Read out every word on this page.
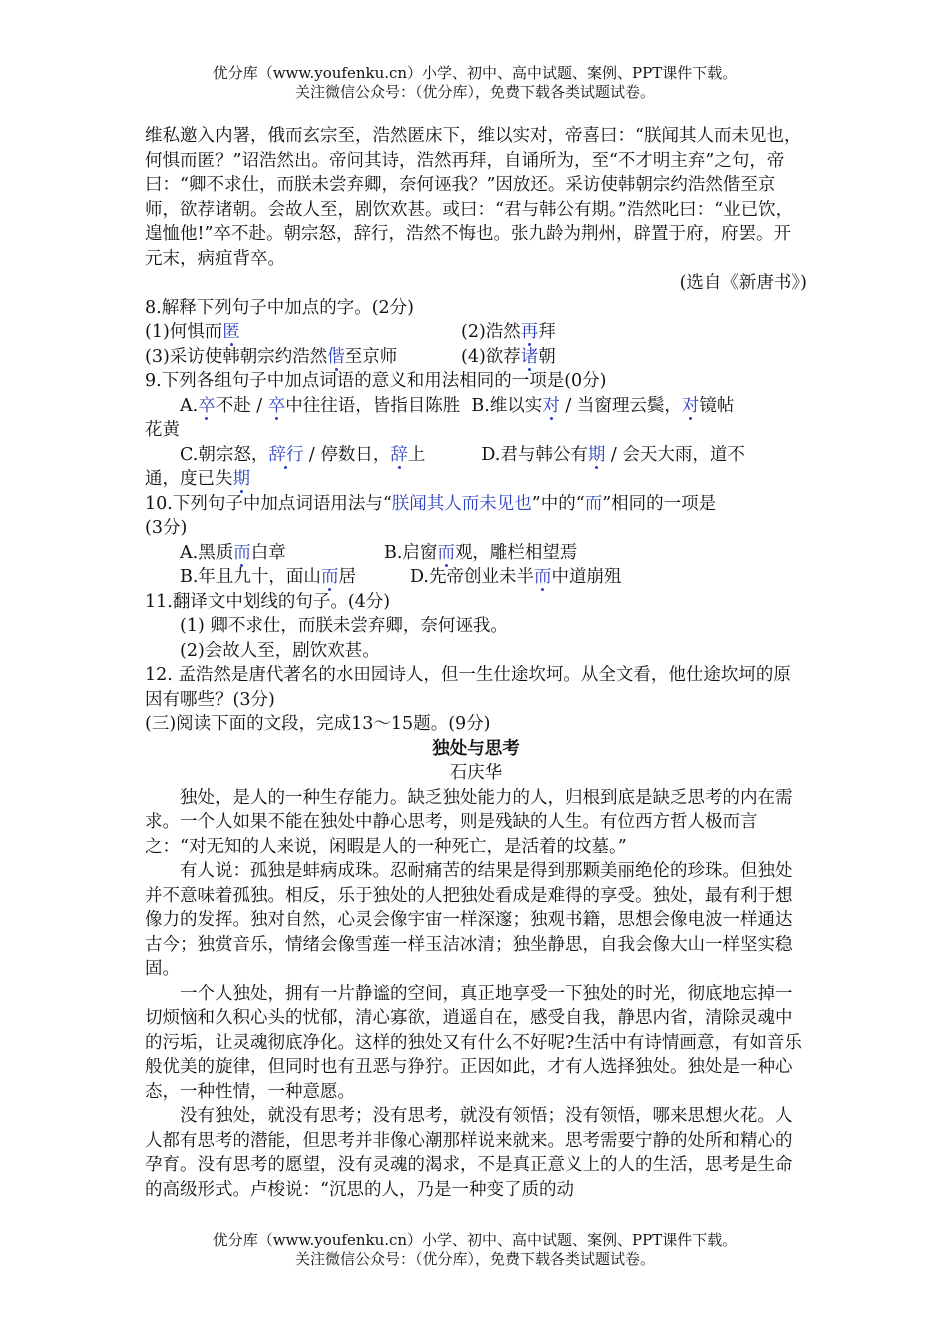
优分库（www.youfenku.cn）小学、初中、高中试题、案例、PPT课件下载。
关注微信公众号：（优分库），免费下载各类试题试卷。

维私邀入内署，俄而玄宗至，浩然匿床下，维以实对，帝喜曰：“朕闻其人而未见也，何惧而匿？”诏浩然出。帝问其诗，浩然再拜，自诵所为，至“不才明主弃”之句，帝曰：“卿不求仕，而朕未尝弃卿，奈何诬我？”因放还。采访使韩朝宗约浩然偕至京师，欲荐诸朝。会故人至，剧饮欢甚。或曰：“君与韩公有期。”浩然叱曰：“业已饮，遑恤他!”卒不赴。朝宗怒，辞行，浩然不悔也。张九龄为荆州，辟置于府，府罢。开元末，病疽背卒。

(选自《新唐书》)

8.解释下列句子中加点的字。(2分)

(1)何惧而匿	(2)浩然再拜
(3)采访使韩朝宗约浩然偕至京师	(4)欲荐诸朝

9.下列各组句子中加点词语的意义和用法相同的一项是(0分)

A.卒不赴 / 卒中往往语，皆指目陈胜 B.维以实对 / 当窗理云鬓，对镜帖

花黄

C.朝宗怒，辞行 / 停数日，辞上	D.君与韩公有期 / 会天大雨，道不

通，度已失期

10.下列句子中加点词语用法与“朕闻其人而未见也”中的“而”相同的一项是

(3分)

A.黑质而白章	B.启窗而观，雕栏相望焉
B.年且九十，面山而居	D.先帝创业未半而中道崩殂

11.翻译文中划线的句子。(4分)

(1) 卿不求仕，而朕未尝弃卿，奈何诬我。

(2)会故人至，剧饮欢甚。

12. 孟浩然是唐代著名的水田园诗人，但一生仕途坎坷。从全文看，他仕途坎坷的原因有哪些？(3分)

(三)阅读下面的文段，完成13～15题。(9分)

独处与思考

石庆华

独处，是人的一种生存能力。缺乏独处能力的人，归根到底是缺乏思考的内在需求。一个人如果不能在独处中静心思考，则是残缺的人生。有位西方哲人极而言之：“对无知的人来说，闲暇是人的一种死亡，是活着的坟墓。”

有人说：孤独是蚌病成珠。忍耐痛苦的结果是得到那颗美丽绝伦的珍珠。但独处并不意味着孤独。相反，乐于独处的人把独处看成是难得的享受。独处，最有利于想像力的发挥。独对自然，心灵会像宇宙一样深邃；独观书籍，思想会像电波一样通达古今；独赏音乐，情绪会像雪莲一样玉洁冰清；独坐静思，自我会像大山一样坚实稳固。

一个人独处，拥有一片静谧的空间，真正地享受一下独处的时光，彻底地忘掉一切烦恼和久积心头的忧郁，清心寡欲，逍遥自在，感受自我，静思内省，清除灵魂中的污垢，让灵魂彻底净化。这样的独处又有什么不好呢?生活中有诗情画意，有如音乐般优美的旋律，但同时也有丑恶与狰狞。正因如此，才有人选择独处。独处是一种心态，一种性情，一种意愿。

没有独处，就没有思考；没有思考，就没有领悟；没有领悟，哪来思想火花。人人都有思考的潜能，但思考并非像心潮那样说来就来。思考需要宁静的处所和精心的孕育。没有思考的愿望，没有灵魂的渴求，不是真正意义上的人的生活，思考是生命的高级形式。卢梭说：“沉思的人，乃是一种变了质的动

优分库（www.youfenku.cn）小学、初中、高中试题、案例、PPT课件下载。
关注微信公众号：（优分库），免费下载各类试题试卷。
